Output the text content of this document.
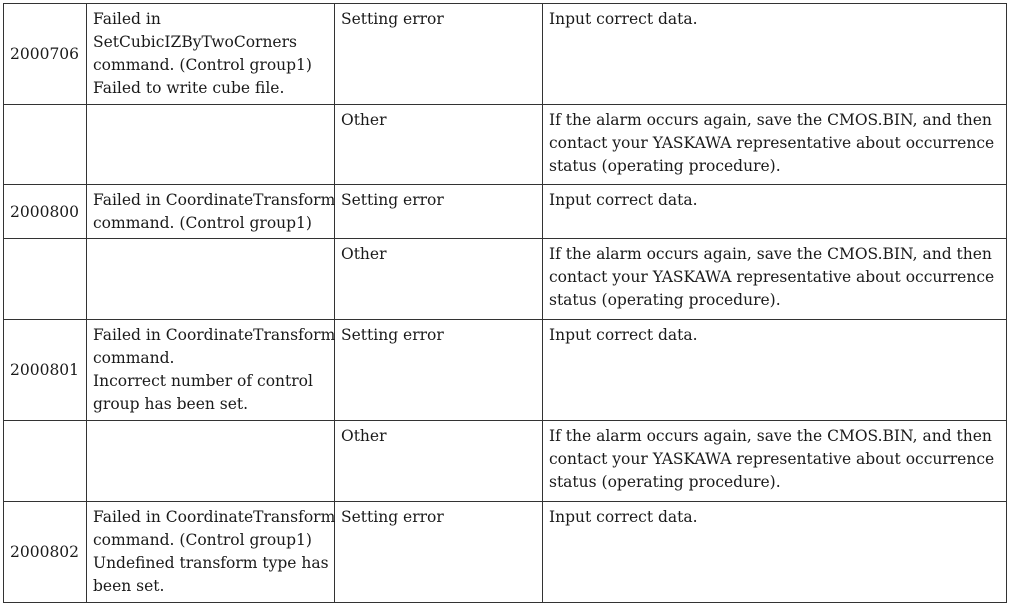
2000706	Failed in
SetCubicIZByTwoCorners
command. (Control group1)
Failed to write cube file.	Setting error	Input correct data.

		Other	If the alarm occurs again, save the CMOS.BIN, and then
contact your YASKAWA representative about occurrence
status (operating procedure).

2000800	Failed in CoordinateTransform
command. (Control group1)	Setting error	Input correct data.

		Other	If the alarm occurs again, save the CMOS.BIN, and then
contact your YASKAWA representative about occurrence
status (operating procedure).

2000801	Failed in CoordinateTransform
command.
Incorrect number of control
group has been set.	Setting error	Input correct data.

		Other	If the alarm occurs again, save the CMOS.BIN, and then
contact your YASKAWA representative about occurrence
status (operating procedure).

2000802	Failed in CoordinateTransform
command. (Control group1)
Undefined transform type has
been set.	Setting error	Input correct data.
